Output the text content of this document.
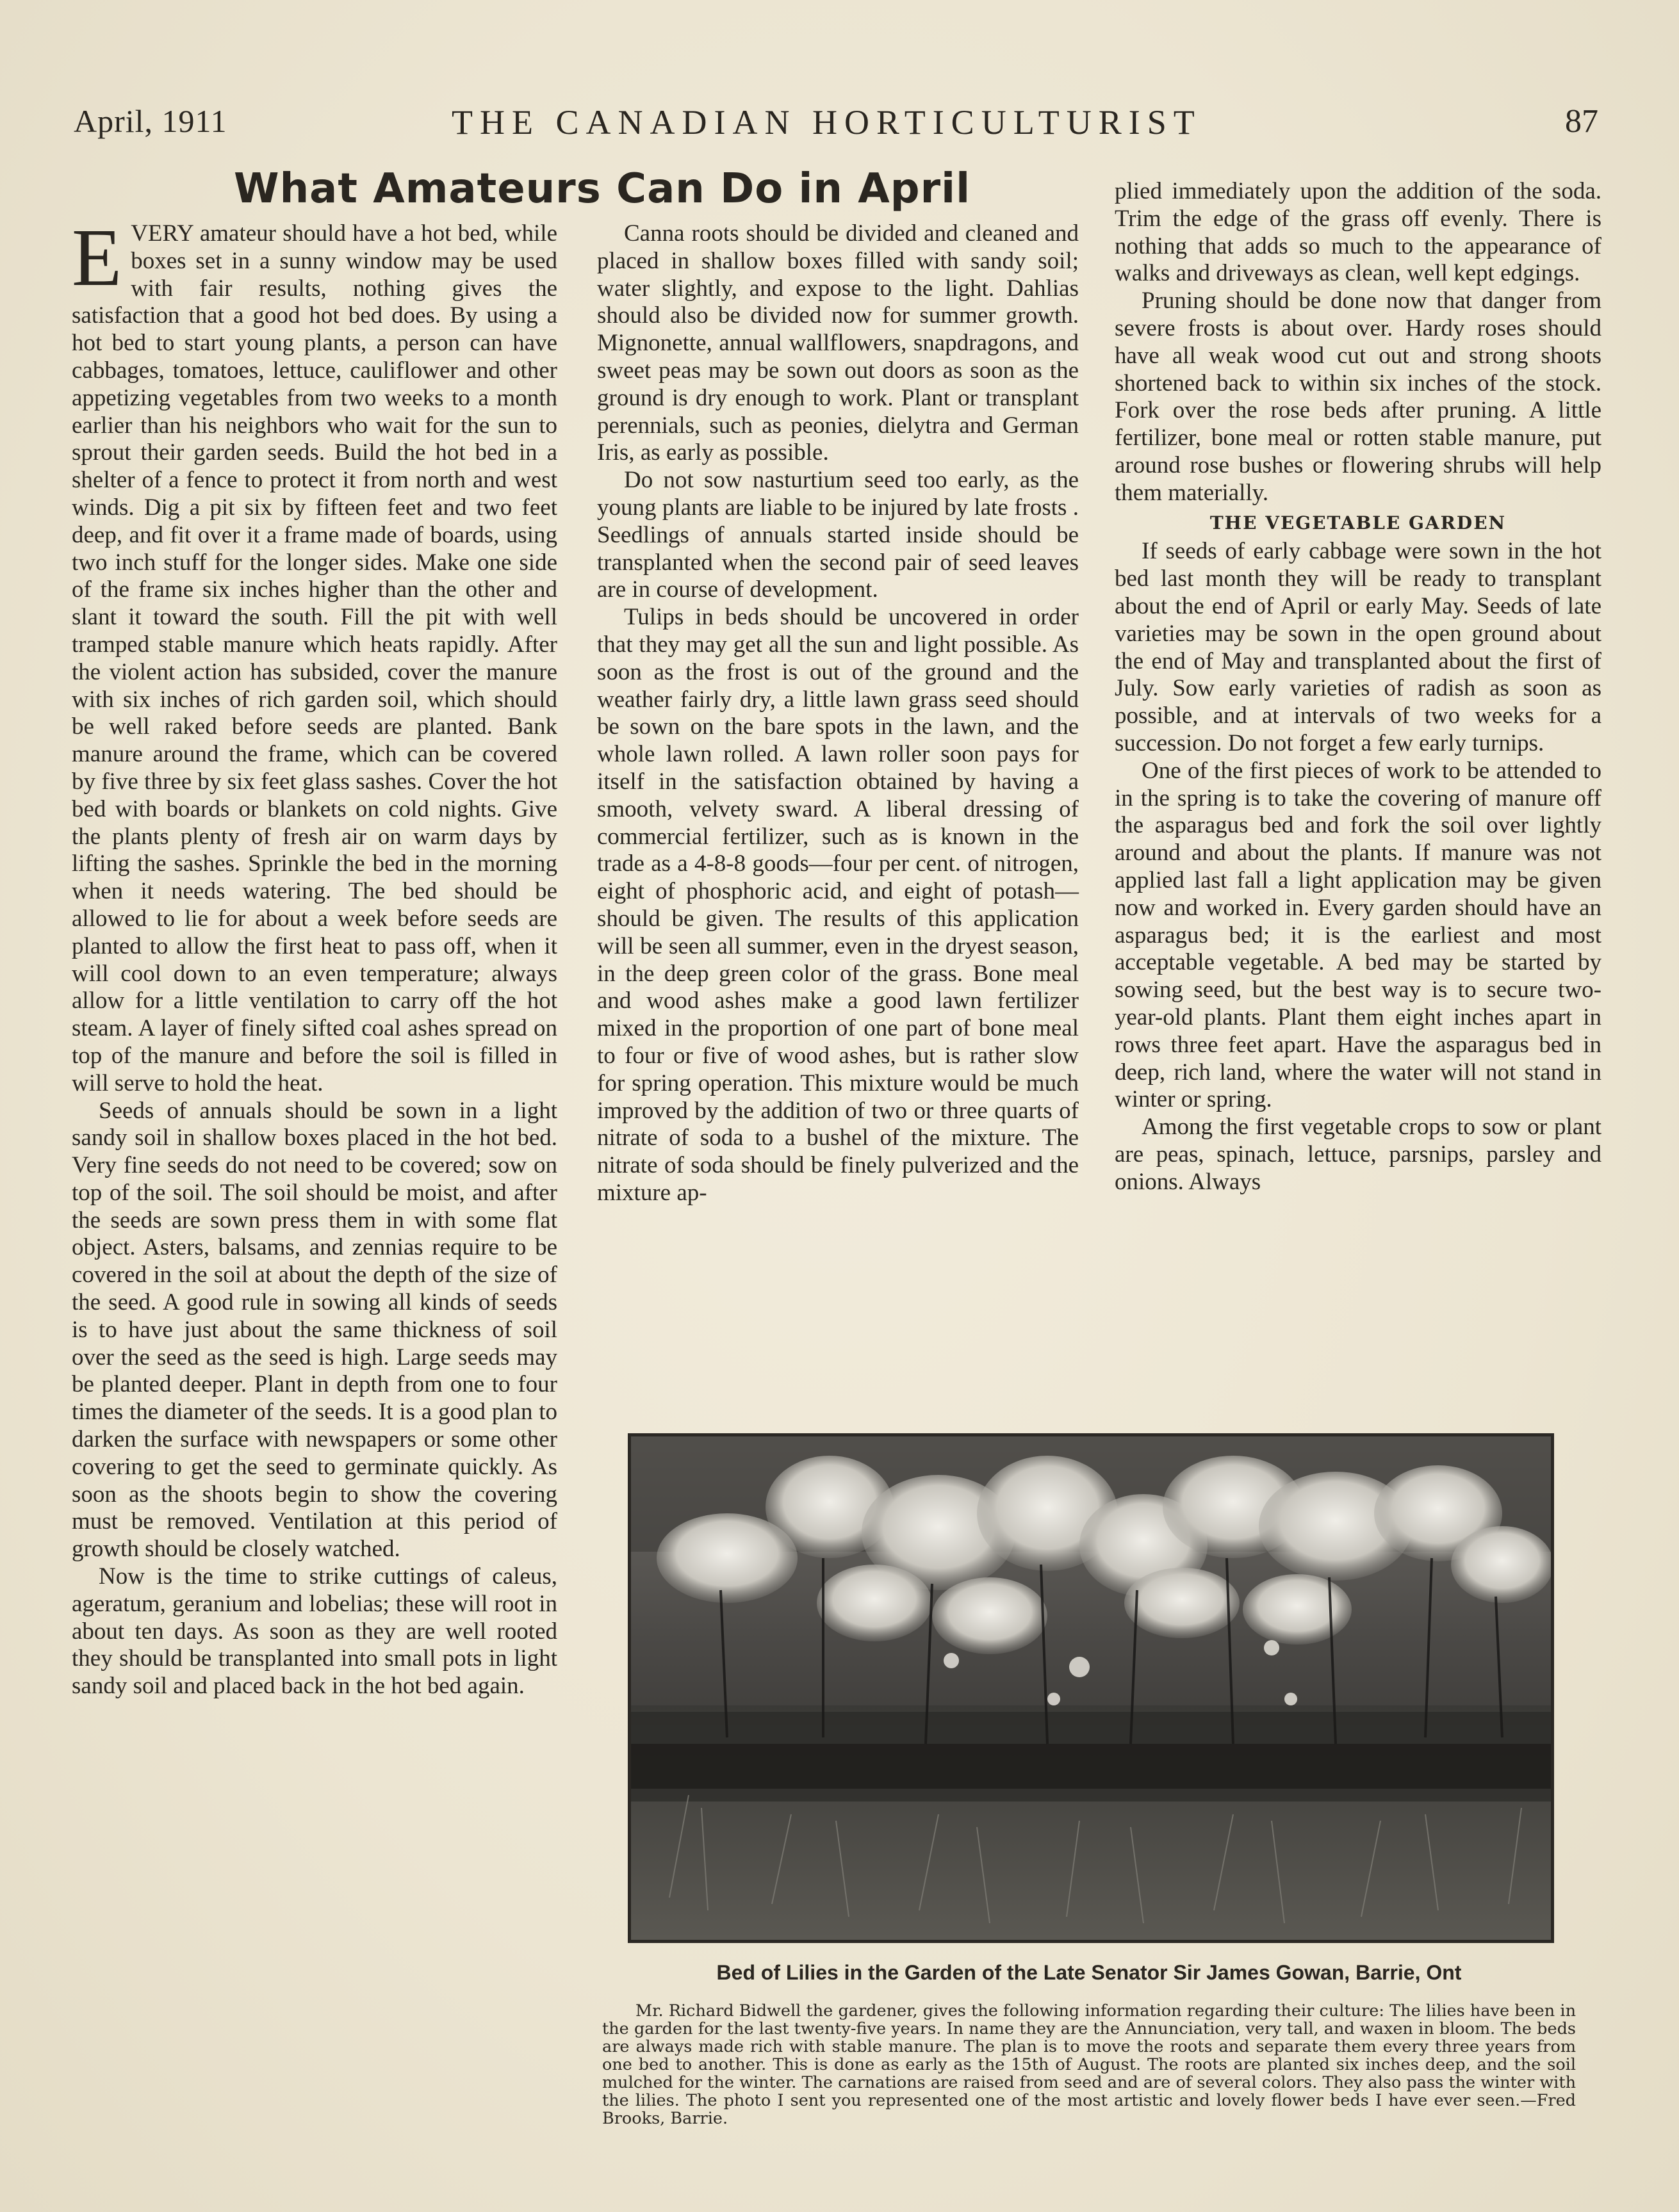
April, 1911	THE CANADIAN HORTICULTURIST	87
What Amateurs Can Do in April

EVERY amateur should have a hot bed, while boxes set in a sunny window may be used with fair results, nothing gives the satisfaction that a good hot bed does. By using a hot bed to start young plants, a person can have cabbages, tomatoes, lettuce, cauliflower and other appetizing vegetables from two weeks to a month earlier than his neighbors who wait for the sun to sprout their garden seeds. Build the hot bed in a shelter of a fence to protect it from north and west winds. Dig a pit six by fifteen feet and two feet deep, and fit over it a frame made of boards, using two inch stuff for the longer sides. Make one side of the frame six inches higher than the other and slant it toward the south. Fill the pit with well tramped stable manure which heats rapidly. After the violent action has subsided, cover the manure with six inches of rich garden soil, which should be well raked before seeds are planted. Bank manure around the frame, which can be covered by five three by six feet glass sashes. Cover the hot bed with boards or blankets on cold nights. Give the plants plenty of fresh air on warm days by lifting the sashes. Sprinkle the bed in the morning when it needs watering. The bed should be allowed to lie for about a week before seeds are planted to allow the first heat to pass off, when it will cool down to an even temperature; always allow for a little ventilation to carry off the hot steam. A layer of finely sifted coal ashes spread on top of the manure and before the soil is filled in will serve to hold the heat.

Seeds of annuals should be sown in a light sandy soil in shallow boxes placed in the hot bed. Very fine seeds do not need to be covered; sow on top of the soil. The soil should be moist, and after the seeds are sown press them in with some flat object. Asters, balsams, and zennias require to be covered in the soil at about the depth of the size of the seed. A good rule in sowing all kinds of seeds is to have just about the same thickness of soil over the seed as the seed is high. Large seeds may be planted deeper. Plant in depth from one to four times the diameter of the seeds. It is a good plan to darken the surface with newspapers or some other covering to get the seed to germinate quickly. As soon as the shoots begin to show the covering must be removed. Ventilation at this period of growth should be closely watched.

Now is the time to strike cuttings of caleus, ageratum, geranium and lobelias; these will root in about ten days. As soon as they are well rooted they should be transplanted into small pots in light sandy soil and placed back in the hot bed again.

Canna roots should be divided and cleaned and placed in shallow boxes filled with sandy soil; water slightly, and expose to the light. Dahlias should also be divided now for summer growth. Mignonette, annual wallflowers, snapdragons, and sweet peas may be sown out doors as soon as the ground is dry enough to work. Plant or transplant perennials, such as peonies, dielytra and German Iris, as early as possible.

Do not sow nasturtium seed too early, as the young plants are liable to be injured by late frosts . Seedlings of annuals started inside should be transplanted when the second pair of seed leaves are in course of development.

Tulips in beds should be uncovered in order that they may get all the sun and light possible. As soon as the frost is out of the ground and the weather fairly dry, a little lawn grass seed should be sown on the bare spots in the lawn, and the whole lawn rolled. A lawn roller soon pays for itself in the satisfaction obtained by having a smooth, velvety sward. A liberal dressing of commercial fertilizer, such as is known in the trade as a 4-8-8 goods—four per cent. of nitrogen, eight of phosphoric acid, and eight of potash—should be given. The results of this application will be seen all summer, even in the dryest season, in the deep green color of the grass. Bone meal and wood ashes make a good lawn fertilizer mixed in the proportion of one part of bone meal to four or five of wood ashes, but is rather slow for spring operation. This mixture would be much improved by the addition of two or three quarts of nitrate of soda to a bushel of the mixture. The nitrate of soda should be finely pulverized and the mixture ap-

plied immediately upon the addition of the soda. Trim the edge of the grass off evenly. There is nothing that adds so much to the appearance of walks and driveways as clean, well kept edgings.

Pruning should be done now that danger from severe frosts is about over. Hardy roses should have all weak wood cut out and strong shoots shortened back to within six inches of the stock. Fork over the rose beds after pruning. A little fertilizer, bone meal or rotten stable manure, put around rose bushes or flowering shrubs will help them materially.

THE VEGETABLE GARDEN

If seeds of early cabbage were sown in the hot bed last month they will be ready to transplant about the end of April or early May. Seeds of late varieties may be sown in the open ground about the end of May and transplanted about the first of July. Sow early varieties of radish as soon as possible, and at intervals of two weeks for a succession. Do not forget a few early turnips.

One of the first pieces of work to be attended to in the spring is to take the covering of manure off the asparagus bed and fork the soil over lightly around and about the plants. If manure was not applied last fall a light application may be given now and worked in. Every garden should have an asparagus bed; it is the earliest and most acceptable vegetable. A bed may be started by sowing seed, but the best way is to secure two-year-old plants. Plant them eight inches apart in rows three feet apart. Have the asparagus bed in deep, rich land, where the water will not stand in winter or spring.

Among the first vegetable crops to sow or plant are peas, spinach, lettuce, parsnips, parsley and onions. Always

Bed of Lilies in the Garden of the Late Senator Sir James Gowan, Barrie, Ont

Mr. Richard Bidwell the gardener, gives the following information regarding their culture: The lilies have been in the garden for the last twenty-five years. In name they are the Annunciation, very tall, and waxen in bloom. The beds are always made rich with stable manure. The plan is to move the roots and separate them every three years from one bed to another. This is done as early as the 15th of August. The roots are planted six inches deep, and the soil mulched for the winter. The carnations are raised from seed and are of several colors. They also pass the winter with the lilies. The photo I sent you represented one of the most artistic and lovely flower beds I have ever seen.—Fred Brooks, Barrie.
